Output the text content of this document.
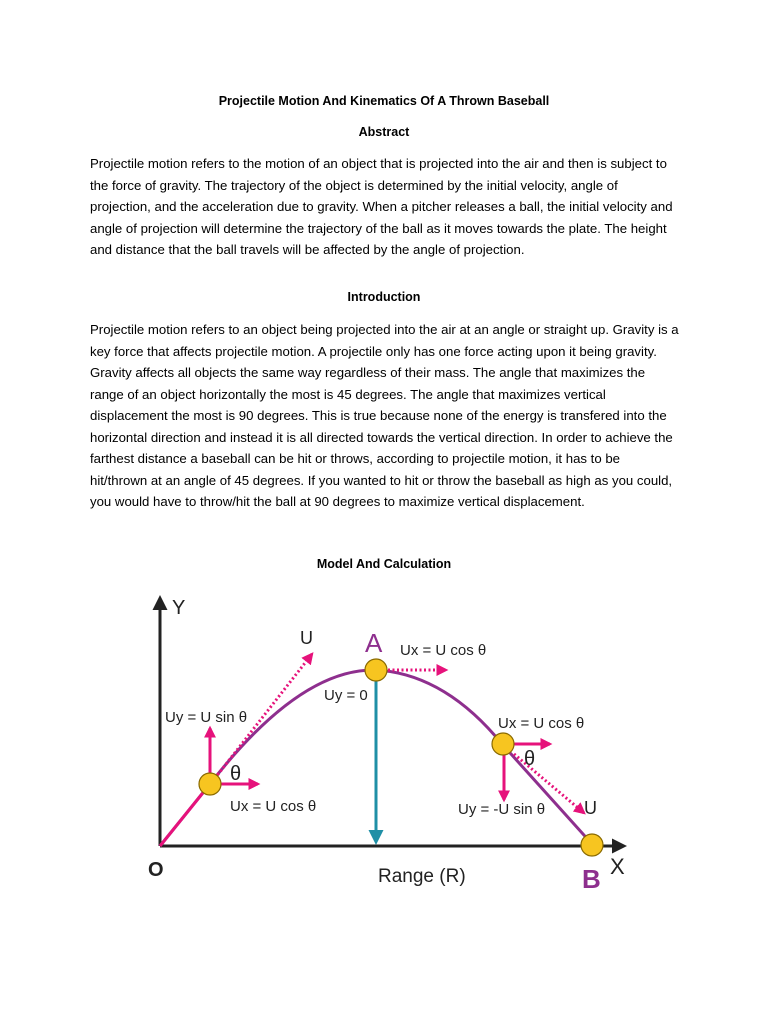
Projectile Motion And Kinematics Of A Thrown Baseball
Abstract
Projectile motion refers to the motion of an object that is projected into the air and then is subject to the force of gravity. The trajectory of the object is determined by the initial velocity, angle of projection, and the acceleration due to gravity. When a pitcher releases a ball, the initial velocity and angle of projection will determine the trajectory of the ball as it moves towards the plate. The height and distance that the ball travels will be affected by the angle of projection.
Introduction
Projectile motion refers to an object being projected into the air at an angle or straight up. Gravity is a key force that affects projectile motion. A projectile only has one force acting upon it being gravity. Gravity affects all objects the same way regardless of their mass. The angle that maximizes the range of an object horizontally the most is 45 degrees. The angle that maximizes vertical displacement the most is 90 degrees. This is true because none of the energy is transfered into the horizontal direction and instead it is all directed towards the vertical direction. In order to achieve the farthest distance a baseball can be hit or throws, according to projectile motion, it has to be hit/thrown at an angle of 45 degrees. If you wanted to hit or throw the baseball as high as you could, you would have to throw/hit the ball at 90 degrees to maximize vertical displacement.
Model And Calculation
Y
X
O	Range (R)
A
B
U
Uy = U sin θ
θ
Ux = U cos θ
Ux = U cos θ
Uy = 0
Ux = U cos θ
θ
Uy = -U sin θ U
